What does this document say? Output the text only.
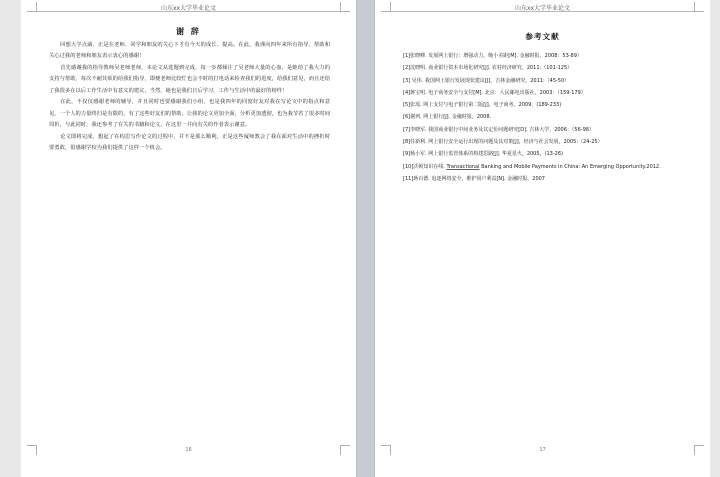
山东xx大学毕业论文
谢 辞

回想大学点滴，正是在老师、同学和朋友的关心下才有今天的成长、提高。在此，我谨向四年来所有指导、帮助和关心过我的老师和朋友表示衷心的感谢！

首先感谢我的指导教师吴老师老师，本论文从选题到完成，每一步都倾注了吴老师大量的心血，是她给了我大力的支持与帮助，每次不耐其烦的给我们指导，即便老师比较忙也会不时的打电话来检查我们的进度，给我们意见，而且还给了我很多在以后工作生活中有意义的建议，当然，她也是我们日后学习、工作与生活中的最好的榜样！

在此，不仅仅感谢老师的辅导，并且同时也要感谢我们小组，也是我四年的同窗好友对我在写论文中的指点和意见，一个人的力量终归是有限的，有了这些好友们的帮助，让我的论文更加全面，分析更加透彻，也为我节省了很多时间周折，与此同时，我还参考了有关的书籍和论文，在这里一并向有关的作者表示谢意。

论文即将完成，想起了在构思写作论文的过程中，并不是那么顺利，正是这些厦师教会了我在面对生活中的挫折时要勇敢，很感谢学校为我们提供了这样一个机会。

16
山东xx大学毕业论文
参考文献
[1]张晓峰. 发展网上银行：增强动力，缩小差距[M]. 金融时报，2008：53-89）
[2]沈晓明. 商业银行资本市场化研究[J]. 农村经济研究，2011:（101-125）
[3] 吴伟. 我国网上银行发展现状建议[J]，吉林金融研究，2011:（45-50）
[4]蒋宝明. 电子商务安全与支付[M]. 北京：人民邮电出版社，2003：（159-179）
[5]张瑶. 网上支付与电子银行第二版[J]，电子商务，2009，(189-233)
[6]谢列. 网上银行[J]. 金融时报，2008.
[7]李晓军. 我国商业银行中间业务及其定价问题研究[D]. 吉林大学，2006：（56-98）
[8]任新利. 网上银行安全运行出现的问题及其对策[J]，经济与社会发展，2005:（24-25）
[9]杨小军. 网上银行监管体系的构建思路[J]. 华夏星火，2005，(13-26)
[10]沃顿知识在线. Transactional Banking and Mobile Payments in China: An Emerging Opportunity.2012.
[11]蒋百德. 追逐网络安全，维护用户利益[N]. 金融时报，2007
17
